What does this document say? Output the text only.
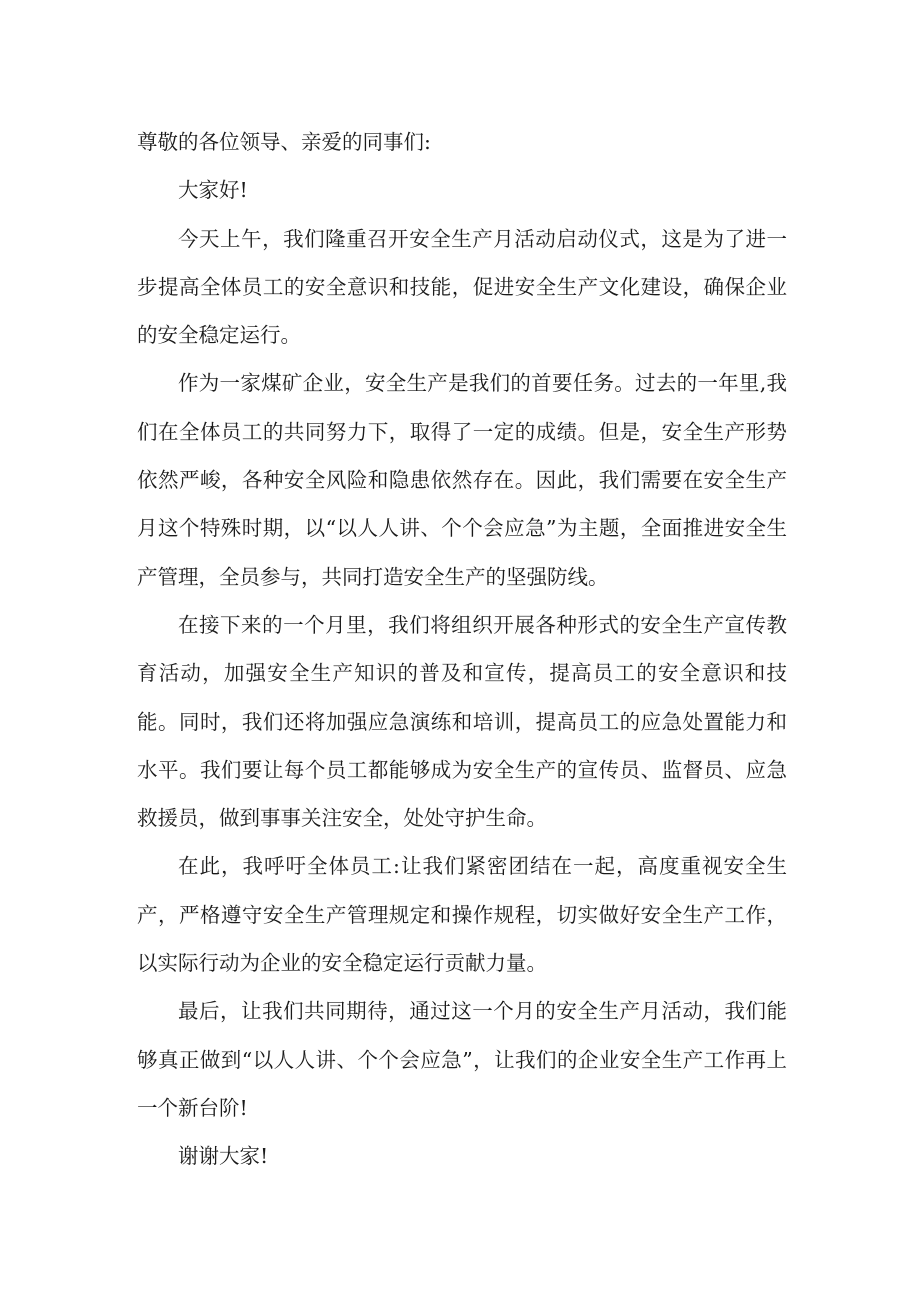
尊敬的各位领导、亲爱的同事们:

大家好!

今天上午，我们隆重召开安全生产月活动启动仪式，这是为了进一步提高全体员工的安全意识和技能，促进安全生产文化建设，确保企业的安全稳定运行。

作为一家煤矿企业，安全生产是我们的首要任务。过去的一年里,我们在全体员工的共同努力下，取得了一定的成绩。但是，安全生产形势依然严峻，各种安全风险和隐患依然存在。因此，我们需要在安全生产月这个特殊时期，以“以人人讲、个个会应急”为主题，全面推进安全生产管理，全员参与，共同打造安全生产的坚强防线。

在接下来的一个月里，我们将组织开展各种形式的安全生产宣传教育活动，加强安全生产知识的普及和宣传，提高员工的安全意识和技能。同时，我们还将加强应急演练和培训，提高员工的应急处置能力和水平。我们要让每个员工都能够成为安全生产的宣传员、监督员、应急救援员，做到事事关注安全，处处守护生命。

在此，我呼吁全体员工:让我们紧密团结在一起，高度重视安全生产，严格遵守安全生产管理规定和操作规程，切实做好安全生产工作，以实际行动为企业的安全稳定运行贡献力量。

最后，让我们共同期待，通过这一个月的安全生产月活动，我们能够真正做到“以人人讲、个个会应急”，让我们的企业安全生产工作再上一个新台阶!

谢谢大家!
